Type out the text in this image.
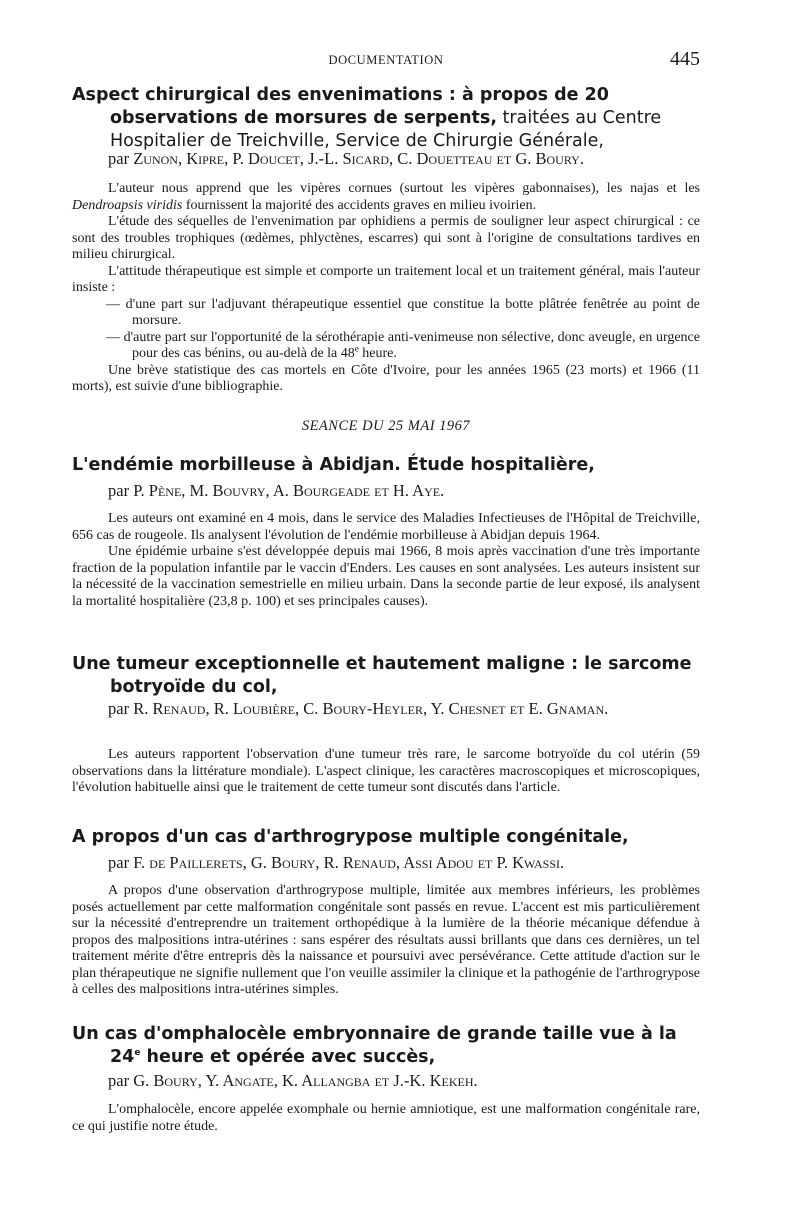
DOCUMENTATION	445

Aspect chirurgical des envenimations : à propos de 20 observations de morsures de serpents, traitées au Centre Hospitalier de Treichville, Service de Chirurgie Générale,

par Zunon, Kipre, P. Doucet, J.-L. Sicard, C. Douetteau et G. Boury.

L'auteur nous apprend que les vipères cornues (surtout les vipères gabonnaises), les najas et les Dendroapsis viridis fournissent la majorité des accidents graves en milieu ivoirien.

L'étude des séquelles de l'envenimation par ophidiens a permis de souligner leur aspect chirurgical : ce sont des troubles trophiques (œdèmes, phlyctènes, escarres) qui sont à l'origine de consultations tardives en milieu chirurgical.

L'attitude thérapeutique est simple et comporte un traitement local et un traitement général, mais l'auteur insiste :

— d'une part sur l'adjuvant thérapeutique essentiel que constitue la botte plâtrée fenêtrée au point de morsure.

— d'autre part sur l'opportunité de la sérothérapie anti-venimeuse non sélective, donc aveugle, en urgence pour des cas bénins, ou au-delà de la 48e heure.

Une brève statistique des cas mortels en Côte d'Ivoire, pour les années 1965 (23 morts) et 1966 (11 morts), est suivie d'une bibliographie.

SEANCE DU 25 MAI 1967

L'endémie morbilleuse à Abidjan. Étude hospitalière,

par P. Pène, M. Bouvry, A. Bourgeade et H. Aye.

Les auteurs ont examiné en 4 mois, dans le service des Maladies Infectieuses de l'Hôpital de Treichville, 656 cas de rougeole. Ils analysent l'évolution de l'endémie morbilleuse à Abidjan depuis 1964.

Une épidémie urbaine s'est développée depuis mai 1966, 8 mois après vaccination d'une très importante fraction de la population infantile par le vaccin d'Enders. Les causes en sont analysées. Les auteurs insistent sur la nécessité de la vaccination semestrielle en milieu urbain. Dans la seconde partie de leur exposé, ils analysent la mortalité hospitalière (23,8 p. 100) et ses principales causes).

Une tumeur exceptionnelle et hautement maligne : le sarcome botryoïde du col,

par R. Renaud, R. Loubière, C. Boury-Heyler, Y. Chesnet et E. Gnaman.

Les auteurs rapportent l'observation d'une tumeur très rare, le sarcome botryoïde du col utérin (59 observations dans la littérature mondiale). L'aspect clinique, les caractères macroscopiques et microscopiques, l'évolution habituelle ainsi que le traitement de cette tumeur sont discutés dans l'article.

A propos d'un cas d'arthrogrypose multiple congénitale,

par F. de Paillerets, G. Boury, R. Renaud, Assi Adou et P. Kwassi.

A propos d'une observation d'arthrogrypose multiple, limitée aux membres inférieurs, les problèmes posés actuellement par cette malformation congénitale sont passés en revue. L'accent est mis particulièrement sur la nécessité d'entreprendre un traitement orthopédique à la lumière de la théorie mécanique défendue à propos des malpositions intra-utérines : sans espérer des résultats aussi brillants que dans ces dernières, un tel traitement mérite d'être entrepris dès la naissance et poursuivi avec persévérance. Cette attitude d'action sur le plan thérapeutique ne signifie nullement que l'on veuille assimiler la clinique et la pathogénie de l'arthrogrypose à celles des malpositions intra-utérines simples.

Un cas d'omphalocèle embryonnaire de grande taille vue à la 24e heure et opérée avec succès,

par G. Boury, Y. Angate, K. Allangba et J.-K. Kekeh.

L'omphalocèle, encore appelée exomphale ou hernie amniotique, est une malformation congénitale rare, ce qui justifie notre étude.
